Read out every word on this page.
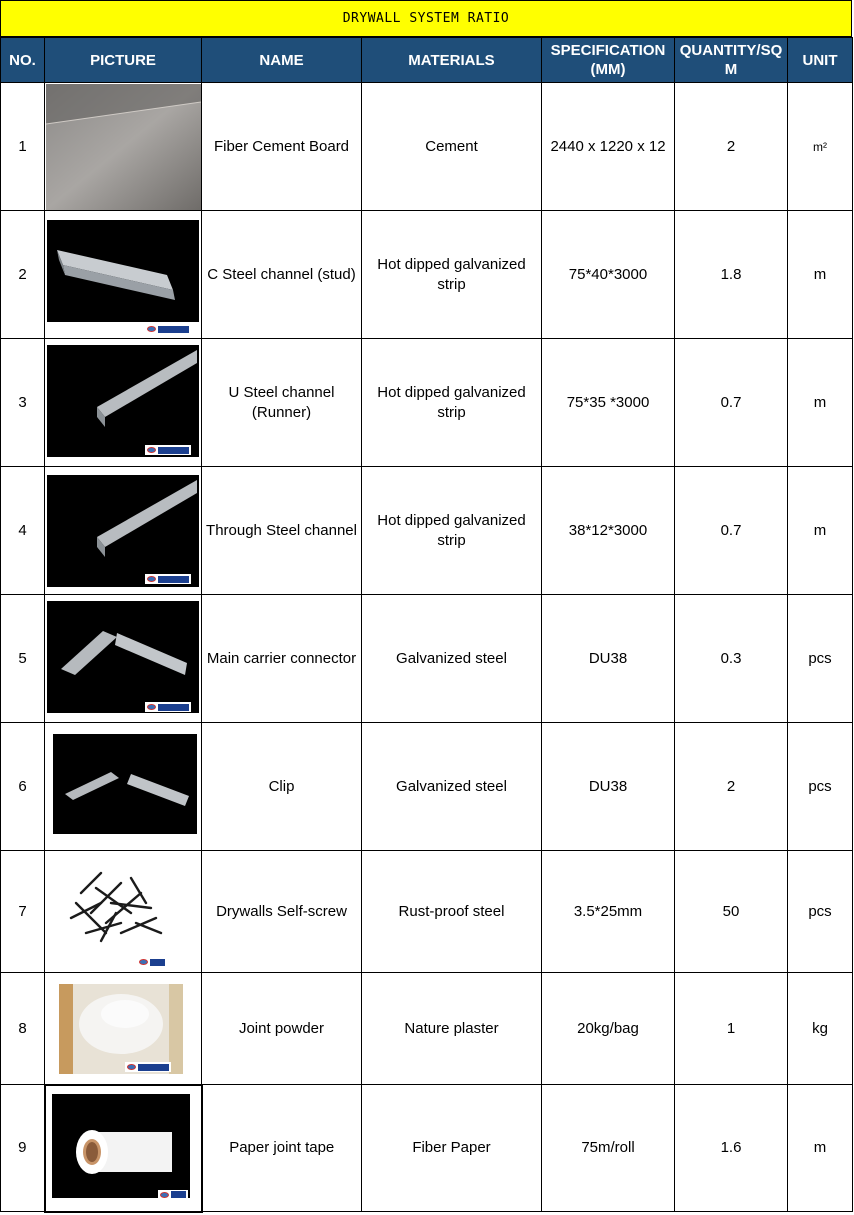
DRYWALL SYSTEM RATIO
NO.	PICTURE	NAME	MATERIALS	SPECIFICATION (MM)	QUANTITY/SQ M	UNIT
1		Fiber Cement Board	Cement	2440 x 1220 x 12	2	m²
2		C Steel channel (stud)	Hot dipped galvanized strip	75*40*3000	1.8	m
3		U Steel channel (Runner)	Hot dipped galvanized strip	75*35 *3000	0.7	m
4		Through Steel channel	Hot dipped galvanized strip	38*12*3000	0.7	m
5		Main carrier connector	Galvanized steel	DU38	0.3	pcs
6		Clip	Galvanized steel	DU38	2	pcs
7		Drywalls Self-screw	Rust-proof steel	3.5*25mm	50	pcs
8		Joint powder	Nature plaster	20kg/bag	1	kg
9		Paper joint tape	Fiber Paper	75m/roll	1.6	m
